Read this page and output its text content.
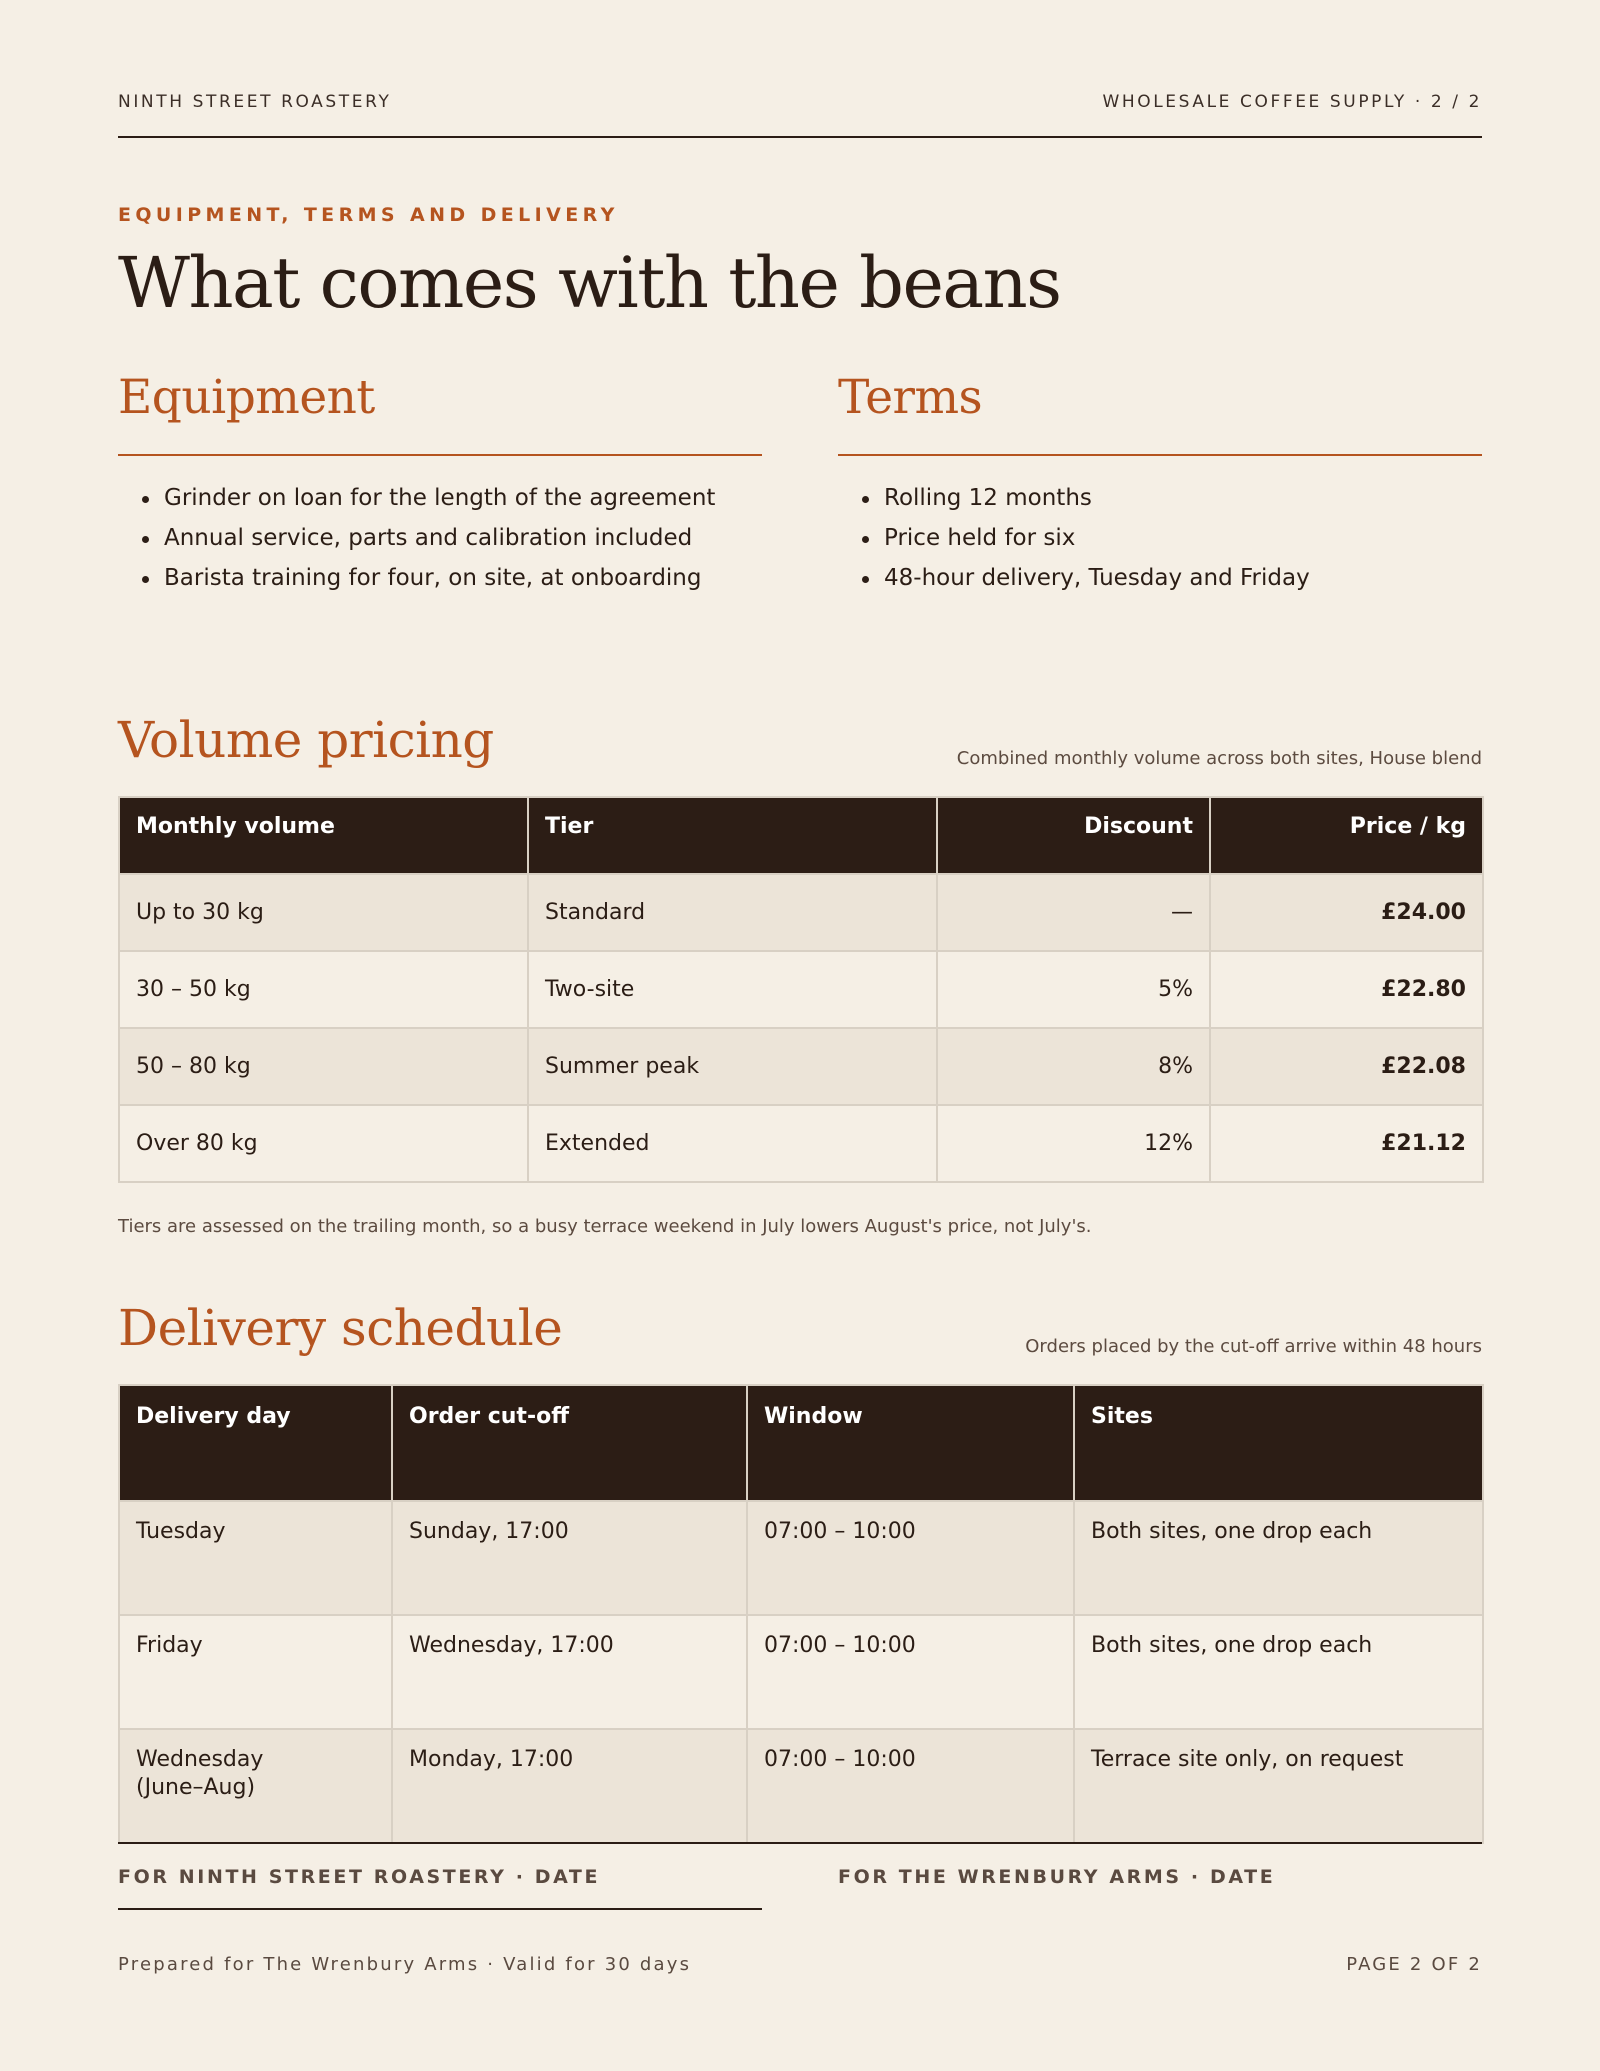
NINTH STREET ROASTERY	WHOLESALE COFFEE SUPPLY · 2 / 2
EQUIPMENT, TERMS AND DELIVERY
What comes with the beans
Equipment
Grinder on loan for the length of the agreement
Annual service, parts and calibration included
Barista training for four, on site, at onboarding
Terms
Rolling 12 months
Price held for six
48-hour delivery, Tuesday and Friday
Volume pricing	Combined monthly volume across both sites, House blend
Monthly volume	Tier	Discount	Price / kg
Up to 30 kg	Standard	—	£24.00
30 – 50 kg	Two-site	5%	£22.80
50 – 80 kg	Summer peak	8%	£22.08
Over 80 kg	Extended	12%	£21.12
Tiers are assessed on the trailing month, so a busy terrace weekend in July lowers August's price, not July's.
Delivery schedule	Orders placed by the cut-off arrive within 48 hours
Delivery day	Order cut-off	Window	Sites
Tuesday	Sunday, 17:00	07:00 – 10:00	Both sites, one drop each
Friday	Wednesday, 17:00	07:00 – 10:00	Both sites, one drop each
Wednesday (June–Aug)	Monday, 17:00	07:00 – 10:00	Terrace site only, on request
FOR NINTH STREET ROASTERY · DATE	FOR THE WRENBURY ARMS · DATE
Prepared for The Wrenbury Arms · Valid for 30 days	PAGE 2 OF 2
